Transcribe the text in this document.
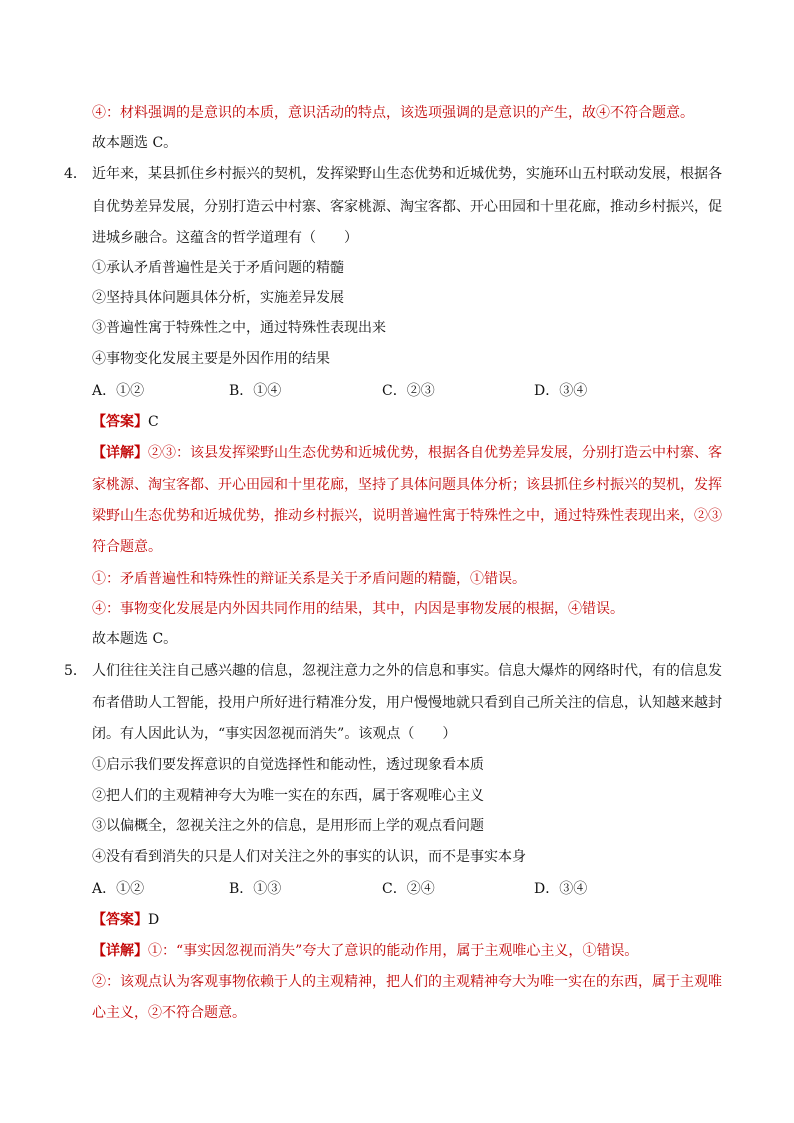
④：材料强调的是意识的本质，意识活动的特点，该选项强调的是意识的产生，故④不符合题意。
故本题选 C。
4． 近年来，某县抓住乡村振兴的契机，发挥梁野山生态优势和近城优势，实施环山五村联动发展，根据各
自优势差异发展，分别打造云中村寨、客家桃源、淘宝客都、开心田园和十里花廊，推动乡村振兴，促
进城乡融合。这蕴含的哲学道理有（　　）
①承认矛盾普遍性是关于矛盾问题的精髓
②坚持具体问题具体分析，实施差异发展
③普遍性寓于特殊性之中，通过特殊性表现出来
④事物变化发展主要是外因作用的结果
A．①②	B．①④	C．②③	D．③④
【答案】C
【详解】②③：该县发挥梁野山生态优势和近城优势，根据各自优势差异发展，分别打造云中村寨、客
家桃源、淘宝客都、开心田园和十里花廊，坚持了具体问题具体分析；该县抓住乡村振兴的契机，发挥
梁野山生态优势和近城优势，推动乡村振兴，说明普遍性寓于特殊性之中，通过特殊性表现出来，②③
符合题意。
①：矛盾普遍性和特殊性的辩证关系是关于矛盾问题的精髓，①错误。
④：事物变化发展是内外因共同作用的结果，其中，内因是事物发展的根据，④错误。
故本题选 C。
5． 人们往往关注自己感兴趣的信息，忽视注意力之外的信息和事实。信息大爆炸的网络时代，有的信息发
布者借助人工智能，投用户所好进行精准分发，用户慢慢地就只看到自己所关注的信息，认知越来越封
闭。有人因此认为，“事实因忽视而消失”。该观点（　　）
①启示我们要发挥意识的自觉选择性和能动性，透过现象看本质
②把人们的主观精神夸大为唯一实在的东西，属于客观唯心主义
③以偏概全，忽视关注之外的信息，是用形而上学的观点看问题
④没有看到消失的只是人们对关注之外的事实的认识，而不是事实本身
A．①②	B．①③	C．②④	D．③④
【答案】D
【详解】①：“事实因忽视而消失”夸大了意识的能动作用，属于主观唯心主义，①错误。
②：该观点认为客观事物依赖于人的主观精神，把人们的主观精神夸大为唯一实在的东西，属于主观唯
心主义，②不符合题意。
